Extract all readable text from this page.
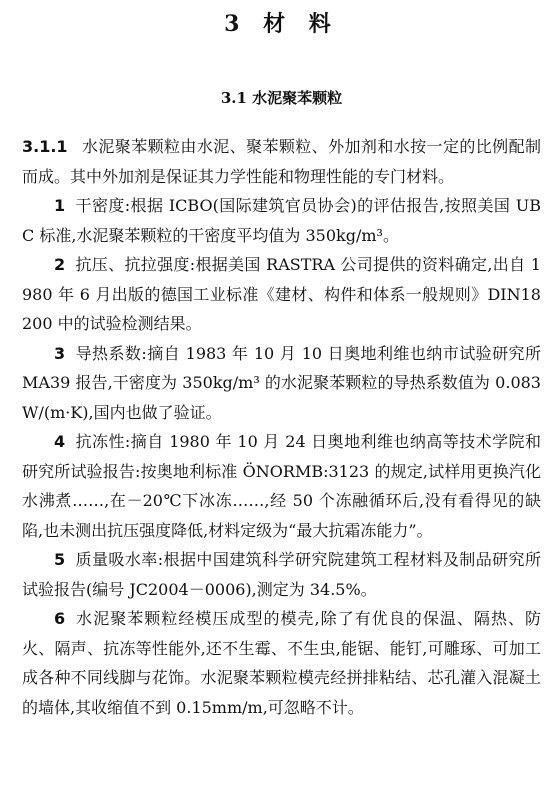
3 材 料
3.1 水泥聚苯颗粒

3.1.1 水泥聚苯颗粒由水泥、聚苯颗粒、外加剂和水按一定的比例配制而成。其中外加剂是保证其力学性能和物理性能的专门材料。

1 干密度:根据 ICBO(国际建筑官员协会)的评估报告,按照美国 UBC 标准,水泥聚苯颗粒的干密度平均值为 350kg/m³。

2 抗压、抗拉强度:根据美国 RASTRA 公司提供的资料确定,出自 1980 年 6 月出版的德国工业标准《建材、构件和体系一般规则》DIN18200 中的试验检测结果。

3 导热系数:摘自 1983 年 10 月 10 日奥地利维也纳市试验研究所 MA39 报告,干密度为 350kg/m³ 的水泥聚苯颗粒的导热系数值为 0.083W/(m·K),国内也做了验证。

4 抗冻性:摘自 1980 年 10 月 24 日奥地利维也纳高等技术学院和研究所试验报告:按奥地利标准 ÖNORMB:3123 的规定,试样用更换汽化水沸煮……,在－20℃下冰冻……,经 50 个冻融循环后,没有看得见的缺陷,也未测出抗压强度降低,材料定级为“最大抗霜冻能力”。

5 质量吸水率:根据中国建筑科学研究院建筑工程材料及制品研究所试验报告(编号 JC2004－0006),测定为 34.5%。

6 水泥聚苯颗粒经模压成型的模壳,除了有优良的保温、隔热、防火、隔声、抗冻等性能外,还不生霉、不生虫,能锯、能钉,可雕琢、可加工成各种不同线脚与花饰。水泥聚苯颗粒模壳经拼排粘结、芯孔灌入混凝土的墙体,其收缩值不到 0.15mm/m,可忽略不计。
